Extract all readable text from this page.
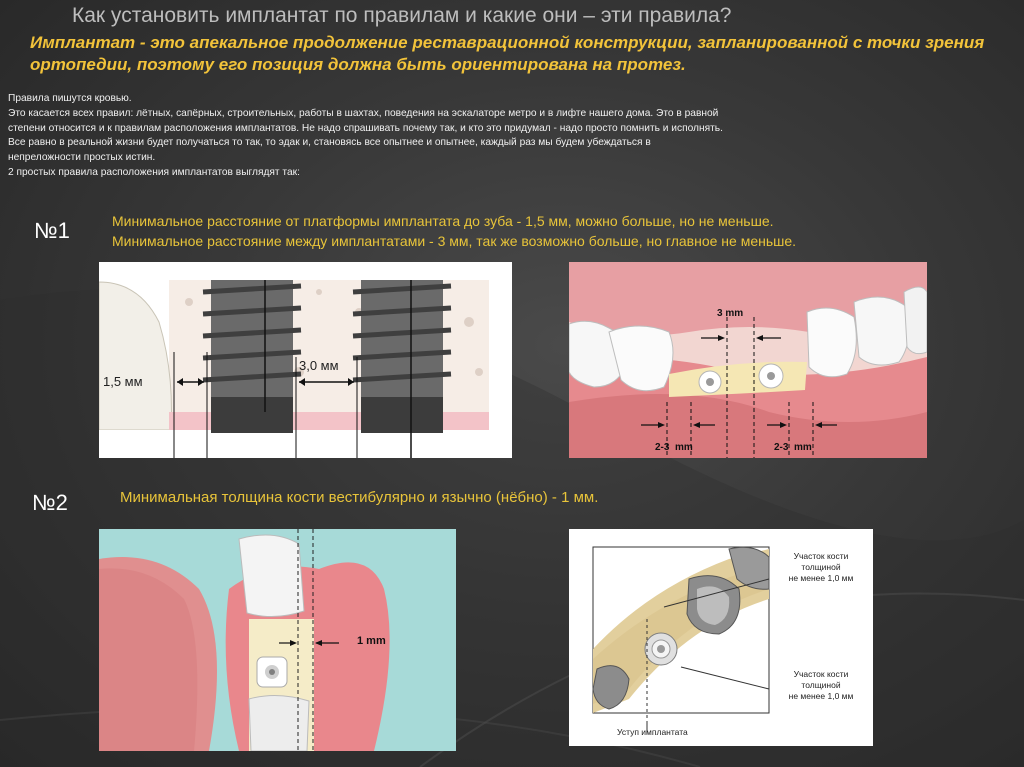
Как установить имплантат по правилам и какие они – эти правила?

Имплантат - это апекальное продолжение реставрационной конструкции, запланированной с точки зрения ортопедии, поэтому его позиция должна быть ориентирована на протез.

Правила пишутся кровью.
Это касается всех правил: лётных, сапёрных, строительных, работы в шахтах, поведения на эскалаторе метро и в лифте нашего дома. Это в равной
степени относится и к правилам расположения имплантатов. Не надо спрашивать почему так, и кто это придумал - надо просто помнить и исполнять.
Все равно в реальной жизни будет получаться то так, то эдак и, становясь все опытнее и опытнее, каждый раз мы будем убеждаться в
непреложности простых истин.
2 простых правила расположения имплантатов выглядят так:
№1	Минимальное расстояние от платформы имплантата до зуба - 1,5 мм, можно больше, но не меньше.
Минимальное расстояние между имплантатами - 3 мм, так же возможно больше, но главное не меньше.
1,5 мм
3,0 мм
3 mm
2-3  mm	2-3  mm
№2	Минимальная толщина кости вестибулярно и язычно (нёбно) - 1 мм.
1 mm
Участок кости
толщиной
не менее 1,0 мм
Участок кости
толщиной
не менее 1,0 мм
Уступ имплантата
